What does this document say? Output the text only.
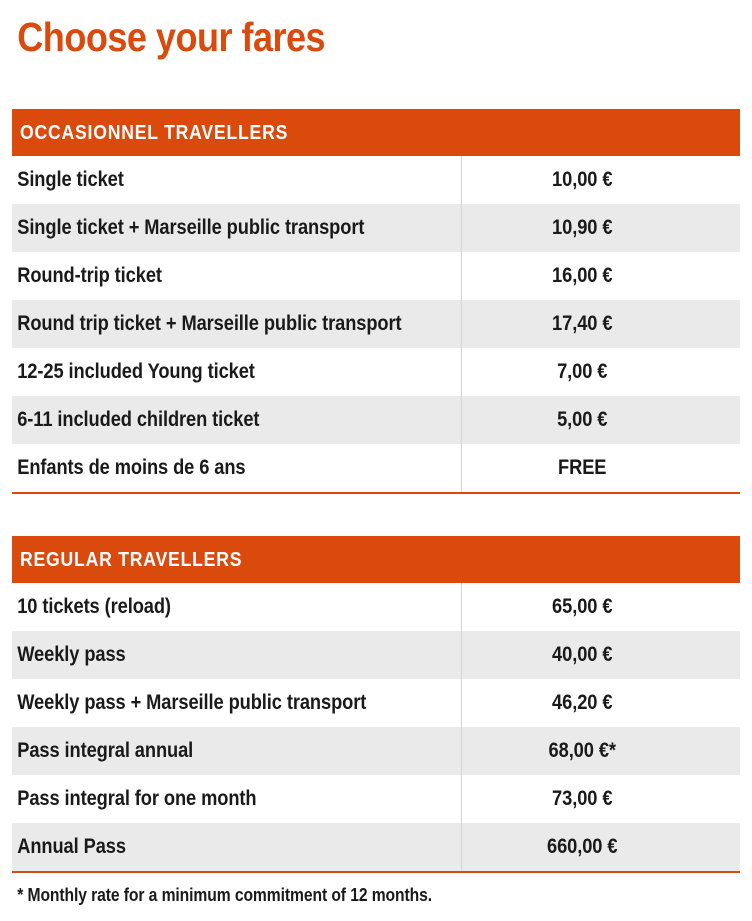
Choose your fares
OCCASIONNEL TRAVELLERS
Single ticket	10,00 €
Single ticket + Marseille public transport	10,90 €
Round-trip ticket	16,00 €
Round trip ticket + Marseille public transport	17,40 €
12-25 included Young ticket	7,00 €
6-11 included children ticket	5,00 €
Enfants de moins de 6 ans	FREE
REGULAR TRAVELLERS
10 tickets (reload)	65,00 €
Weekly pass	40,00 €
Weekly pass + Marseille public transport	46,20 €
Pass integral annual	68,00 €*
Pass integral for one month	73,00 €
Annual Pass	660,00 €
* Monthly rate for a minimum commitment of 12 months.
